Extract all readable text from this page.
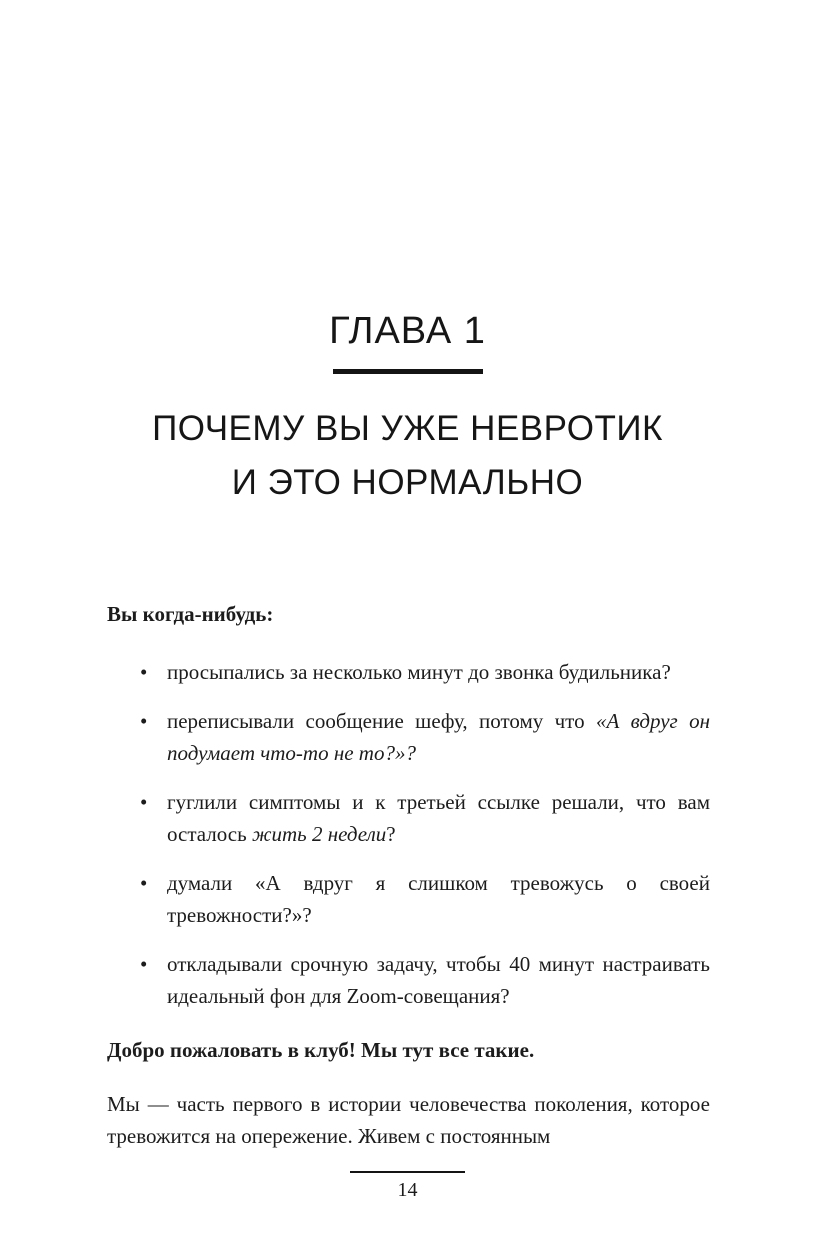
ГЛАВА 1
ПОЧЕМУ ВЫ УЖЕ НЕВРОТИК
И ЭТО НОРМАЛЬНО

Вы когда-нибудь:

• просыпались за несколько минут до звонка будильника?
• переписывали сообщение шефу, потому что «А вдруг он подумает что-то не то?»?
• гуглили симптомы и к третьей ссылке решали, что вам осталось жить 2 недели?
• думали «А вдруг я слишком тревожусь о своей тревожности?»?
• откладывали срочную задачу, чтобы 40 минут настраивать идеальный фон для Zoom-совещания?

Добро пожаловать в клуб! Мы тут все такие.

Мы — часть первого в истории человечества поколения, которое тревожится на опережение. Живем с постоянным

14
